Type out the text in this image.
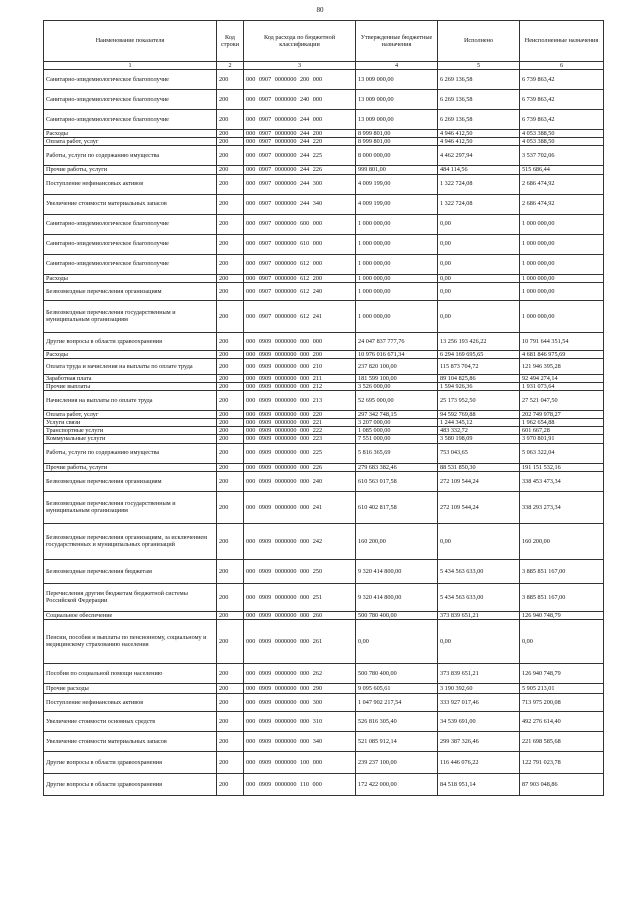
80
Наименование показателя	Код строки	Код расхода по бюджетной классификации	Утвержденные бюджетные назначения	Исполнено	Неисполненные назначения
1	2	3	4	5	6
Санитарно-эпидемиологическое благополучие	200	000 0907 0000000 200 000	13 009 000,00	6 269 136,58	6 739 863,42
Санитарно-эпидемиологическое благополучие	200	000 0907 0000000 240 000	13 009 000,00	6 269 136,58	6 739 863,42
Санитарно-эпидемиологическое благополучие	200	000 0907 0000000 244 000	13 009 000,00	6 269 136,58	6 739 863,42
Расходы	200	000 0907 0000000 244 200	8 999 801,00	4 946 412,50	4 053 388,50
Оплата работ, услуг	200	000 0907 0000000 244 220	8 999 801,00	4 946 412,50	4 053 388,50
Работы, услуги по содержанию имущества	200	000 0907 0000000 244 225	8 000 000,00	4 462 297,94	3 537 702,06
Прочие работы, услуги	200	000 0907 0000000 244 226	999 801,00	484 114,56	515 686,44
Поступление нефинансовых активов	200	000 0907 0000000 244 300	4 009 199,00	1 322 724,08	2 686 474,92
Увеличение стоимости материальных запасов	200	000 0907 0000000 244 340	4 009 199,00	1 322 724,08	2 686 474,92
Санитарно-эпидемиологическое благополучие	200	000 0907 0000000 600 000	1 000 000,00	0,00	1 000 000,00
Санитарно-эпидемиологическое благополучие	200	000 0907 0000000 610 000	1 000 000,00	0,00	1 000 000,00
Санитарно-эпидемиологическое благополучие	200	000 0907 0000000 612 000	1 000 000,00	0,00	1 000 000,00
Расходы	200	000 0907 0000000 612 200	1 000 000,00	0,00	1 000 000,00
Безвозмездные перечисления организациям	200	000 0907 0000000 612 240	1 000 000,00	0,00	1 000 000,00
Безвозмездные перечисления государственным и муниципальным организациям	200	000 0907 0000000 612 241	1 000 000,00	0,00	1 000 000,00
Другие вопросы в области здравоохранения	200	000 0909 0000000 000 000	24 047 837 777,76	13 256 193 426,22	10 791 644 351,54
Расходы	200	000 0909 0000000 000 200	10 976 016 671,34	6 294 169 695,65	4 681 846 975,69
Оплата труда и начисления на выплаты по оплате труда	200	000 0909 0000000 000 210	237 820 100,00	115 873 704,72	121 946 395,28
Заработная плата	200	000 0909 0000000 000 211	181 599 100,00	89 104 825,86	92 494 274,14
Прочие выплаты	200	000 0909 0000000 000 212	3 526 000,00	1 594 926,36	1 931 073,64
Начисления на выплаты по оплате труда	200	000 0909 0000000 000 213	52 695 000,00	25 173 952,50	27 521 047,50
Оплата работ, услуг	200	000 0909 0000000 000 220	297 342 748,15	94 592 769,88	202 749 978,27
Услуги связи	200	000 0909 0000000 000 221	3 207 000,00	1 244 345,12	1 962 654,88
Транспортные услуги	200	000 0909 0000000 000 222	1 085 000,00	483 332,72	601 667,28
Коммунальные услуги	200	000 0909 0000000 000 223	7 551 000,00	3 580 198,09	3 970 801,91
Работы, услуги по содержанию имущества	200	000 0909 0000000 000 225	5 816 365,69	753 043,65	5 063 322,04
Прочие работы, услуги	200	000 0909 0000000 000 226	279 683 382,46	88 531 850,30	191 151 532,16
Безвозмездные перечисления организациям	200	000 0909 0000000 000 240	610 563 017,58	272 109 544,24	338 453 473,34
Безвозмездные перечисления государственным и муниципальным организациям	200	000 0909 0000000 000 241	610 402 817,58	272 109 544,24	338 293 273,34
Безвозмездные перечисления организациям, за исключением государственных и муниципальных организаций	200	000 0909 0000000 000 242	160 200,00	0,00	160 200,00
Безвозмездные перечисления бюджетам	200	000 0909 0000000 000 250	9 320 414 800,00	5 434 563 633,00	3 885 851 167,00
Перечисления другим бюджетам бюджетной системы Российской Федерации	200	000 0909 0000000 000 251	9 320 414 800,00	5 434 563 633,00	3 885 851 167,00
Социальное обеспечение	200	000 0909 0000000 000 260	500 780 400,00	373 839 651,21	126 940 748,79
Пенсии, пособия и выплаты по пенсионному, социальному и медицинскому страхованию населения	200	000 0909 0000000 000 261	0,00	0,00	0,00
Пособия по социальной помощи населению	200	000 0909 0000000 000 262	500 780 400,00	373 839 651,21	126 940 748,79
Прочие расходы	200	000 0909 0000000 000 290	9 095 605,61	3 190 392,60	5 905 213,01
Поступление нефинансовых активов	200	000 0909 0000000 000 300	1 047 902 217,54	333 927 017,46	713 975 200,08
Увеличение стоимости основных средств	200	000 0909 0000000 000 310	526 816 305,40	34 539 691,00	492 276 614,40
Увеличение стоимости материальных запасов	200	000 0909 0000000 000 340	521 085 912,14	299 387 326,46	221 698 585,68
Другие вопросы в области здравоохранения	200	000 0909 0000000 100 000	239 237 100,00	116 446 076,22	122 791 023,78
Другие вопросы в области здравоохранения	200	000 0909 0000000 110 000	172 422 000,00	84 518 951,14	87 903 048,86
